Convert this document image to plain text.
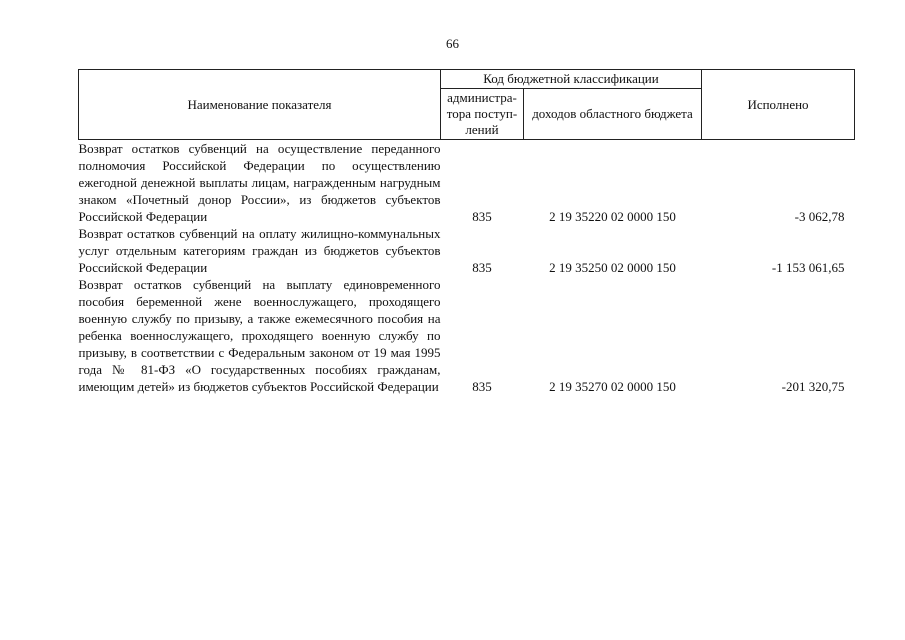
66
Наименование показателя	Код бюджетной классификации		Исполнено
	администра-тора поступ-лений	доходов областного бюджета	
Возврат остатков субвенций на осуществление переданного полномочия Российской Федерации по осуществлению ежегодной денежной выплаты лицам, награжденным нагрудным знаком «Почетный донор России», из бюджетов субъектов Российской Федерации	835	2 19 35220 02 0000 150	-3 062,78
Возврат остатков субвенций на оплату жилищно-коммунальных услуг отдельным категориям граждан из бюджетов субъектов Российской Федерации	835	2 19 35250 02 0000 150	-1 153 061,65
Возврат остатков субвенций на выплату единовременного пособия беременной жене военнослужащего, проходящего военную службу по призыву, а также ежемесячного пособия на ребенка военнослужащего, проходящего военную службу по призыву, в соответствии с Федеральным законом от 19 мая 1995 года № 81-ФЗ «О государственных пособиях гражданам, имеющим детей» из бюджетов субъектов Российской Федерации	835	2 19 35270 02 0000 150	-201 320,75
